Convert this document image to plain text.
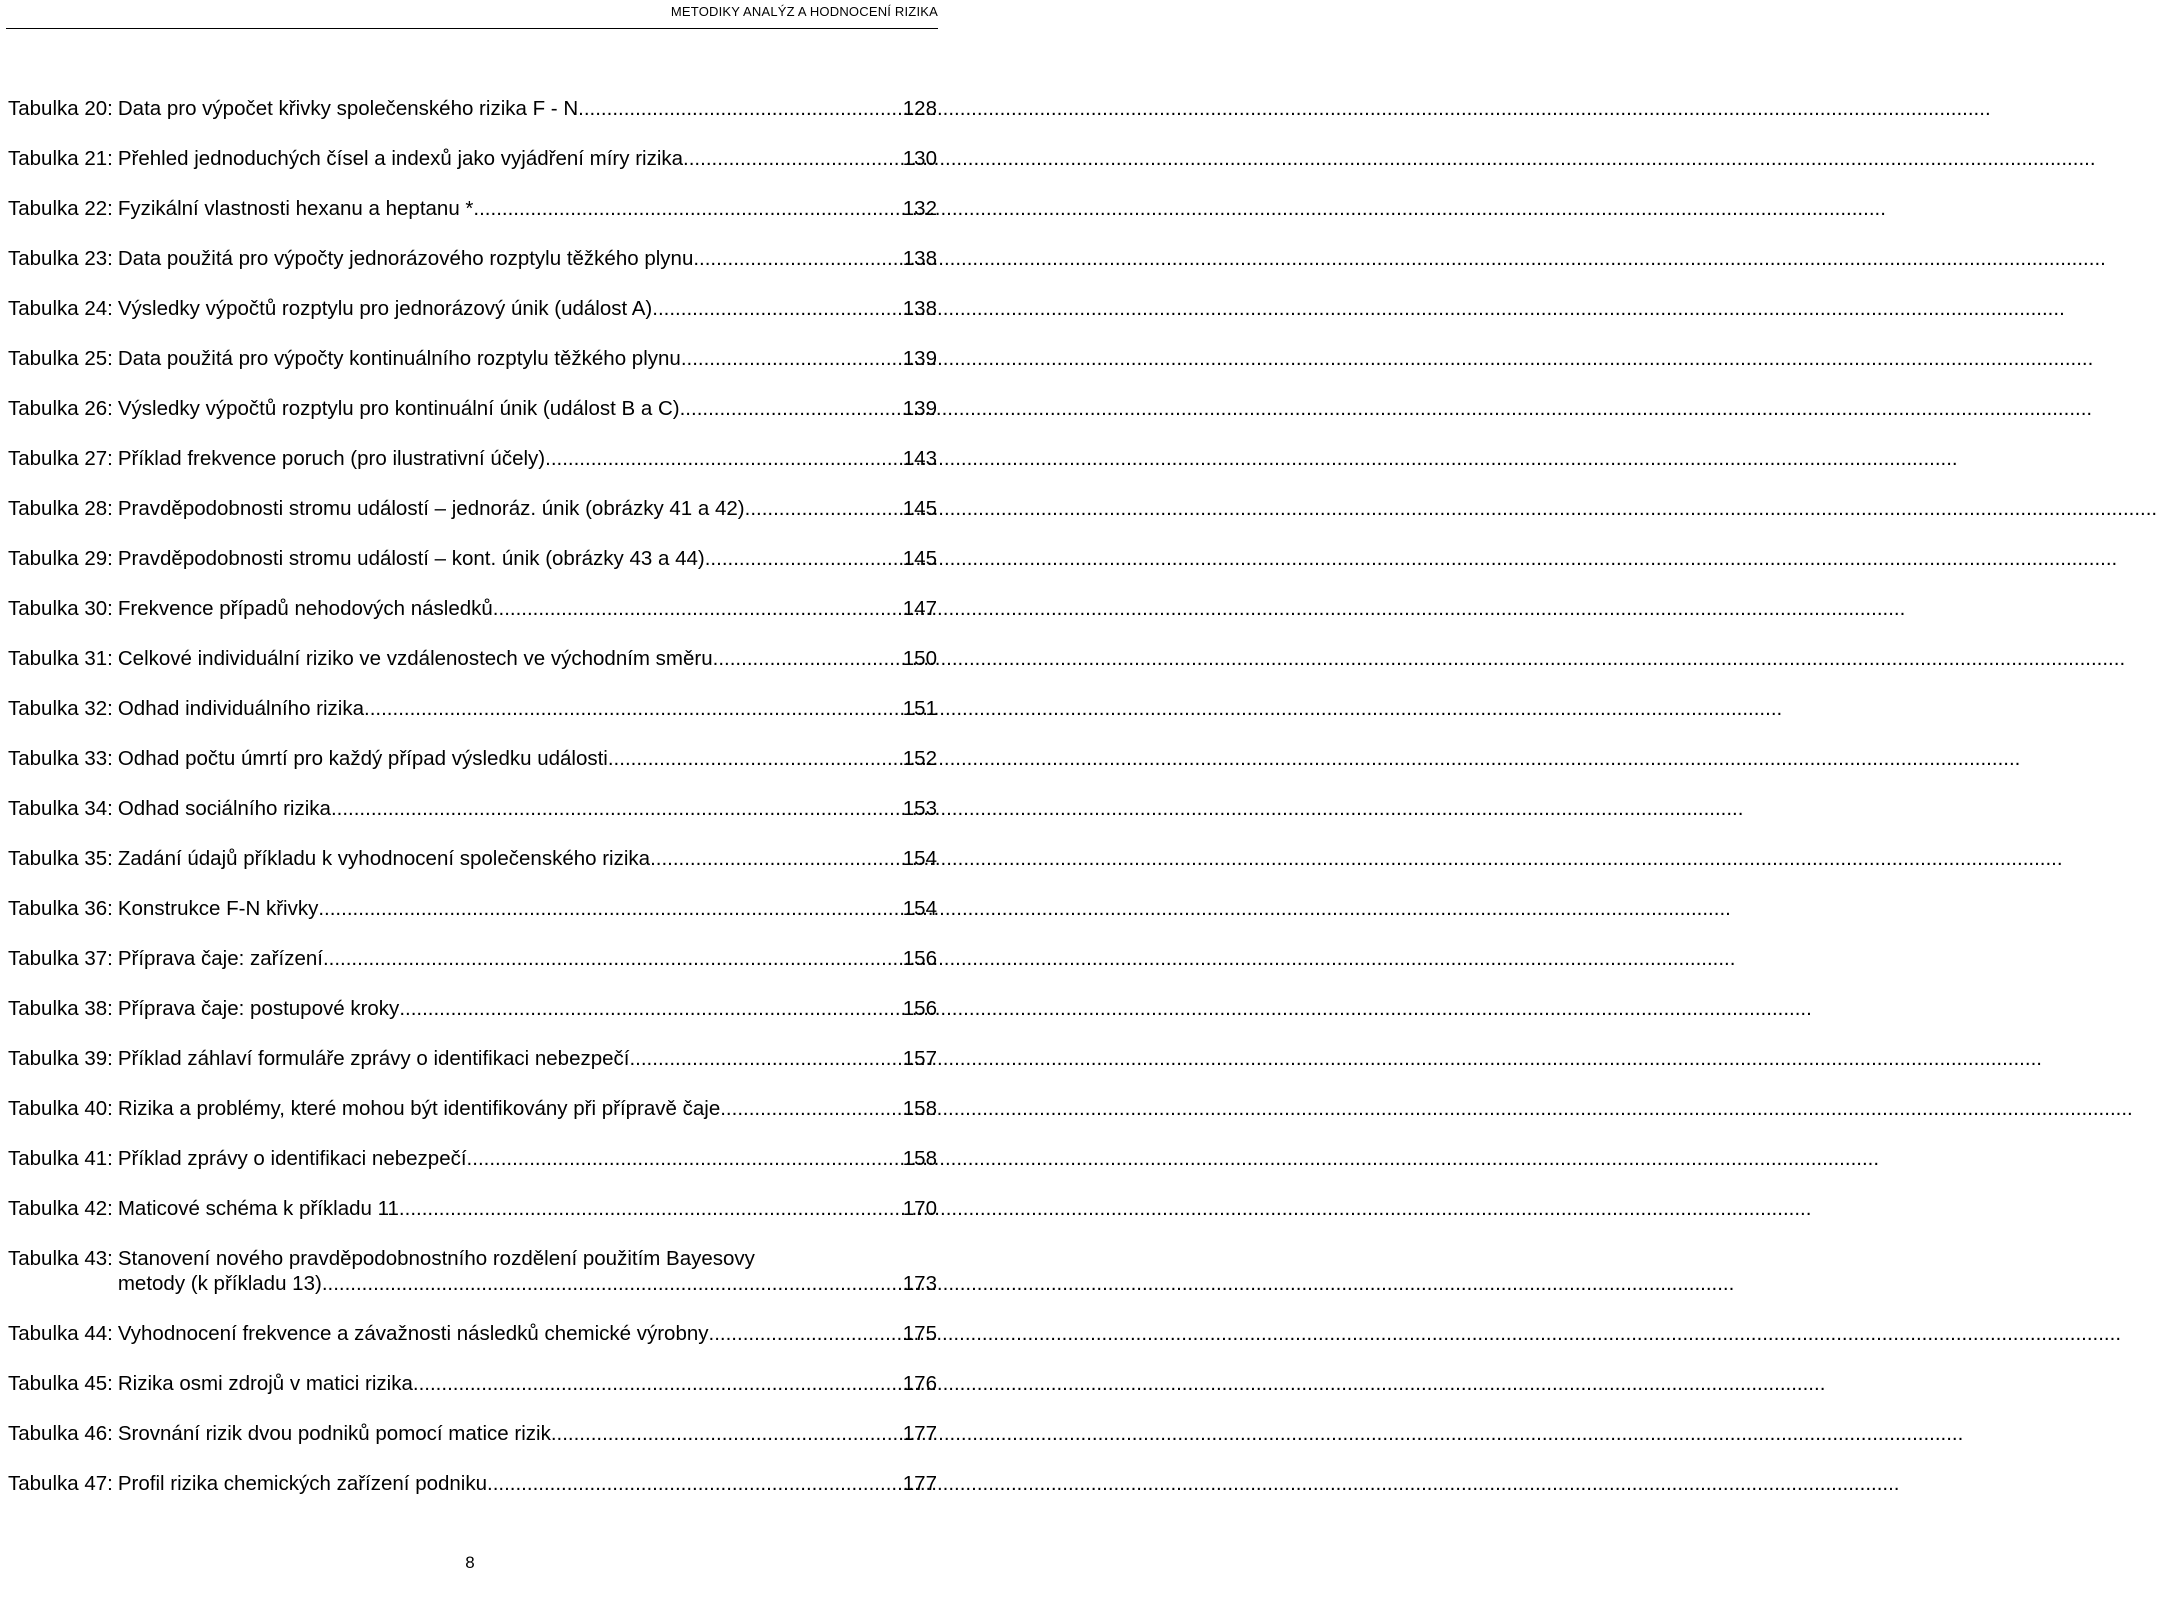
METODIKY ANALÝZ A HODNOCENÍ RIZIKA
Tabulka 20: Data pro výpočet křivky společenského rizika F - N .....	128
Tabulka 21: Přehled jednoduchých čísel a indexů jako vyjádření míry rizika .....	130
Tabulka 22: Fyzikální vlastnosti hexanu a heptanu * .....	132
Tabulka 23: Data použitá pro výpočty jednorázového rozptylu těžkého plynu .....	138
Tabulka 24: Výsledky výpočtů rozptylu pro jednorázový únik (událost A) .....	138
Tabulka 25: Data použitá pro výpočty kontinuálního rozptylu těžkého plynu .....	139
Tabulka 26: Výsledky výpočtů rozptylu pro kontinuální únik (událost B a C) .....	139
Tabulka 27: Příklad frekvence poruch (pro ilustrativní účely) .....	143
Tabulka 28: Pravděpodobnosti stromu událostí – jednoráz. únik (obrázky 41 a 42) .....	145
Tabulka 29: Pravděpodobnosti stromu událostí – kont. únik (obrázky 43 a 44) .....	145
Tabulka 30: Frekvence případů nehodových následků .....	147
Tabulka 31: Celkové individuální riziko ve vzdálenostech ve východním směru .....	150
Tabulka 32: Odhad individuálního rizika. .....	151
Tabulka 33: Odhad počtu úmrtí pro každý případ výsledku události .....	152
Tabulka 34: Odhad sociálního rizika .....	153
Tabulka 35: Zadání údajů příkladu k vyhodnocení společenského rizika .....	154
Tabulka 36: Konstrukce F-N křivky .....	154
Tabulka 37: Příprava čaje: zařízení .....	156
Tabulka 38: Příprava čaje: postupové kroky .....	156
Tabulka 39: Příklad záhlaví formuláře zprávy o identifikaci nebezpečí .....	157
Tabulka 40: Rizika a problémy, které mohou být identifikovány při přípravě čaje .....	158
Tabulka 41: Příklad zprávy o identifikaci nebezpečí .....	158
Tabulka 42: Maticové schéma k příkladu 11 .....	170
Tabulka 43: Stanovení nového pravděpodobnostního rozdělení použitím Bayesovy
metody (k příkladu 13) .....	173
Tabulka 44: Vyhodnocení frekvence a závažnosti následků chemické výrobny .....	175
Tabulka 45: Rizika osmi zdrojů v matici rizika .....	176
Tabulka 46: Srovnání rizik dvou podniků pomocí matice rizik .....	177
Tabulka 47: Profil rizika chemických zařízení podniku .....	177
8
